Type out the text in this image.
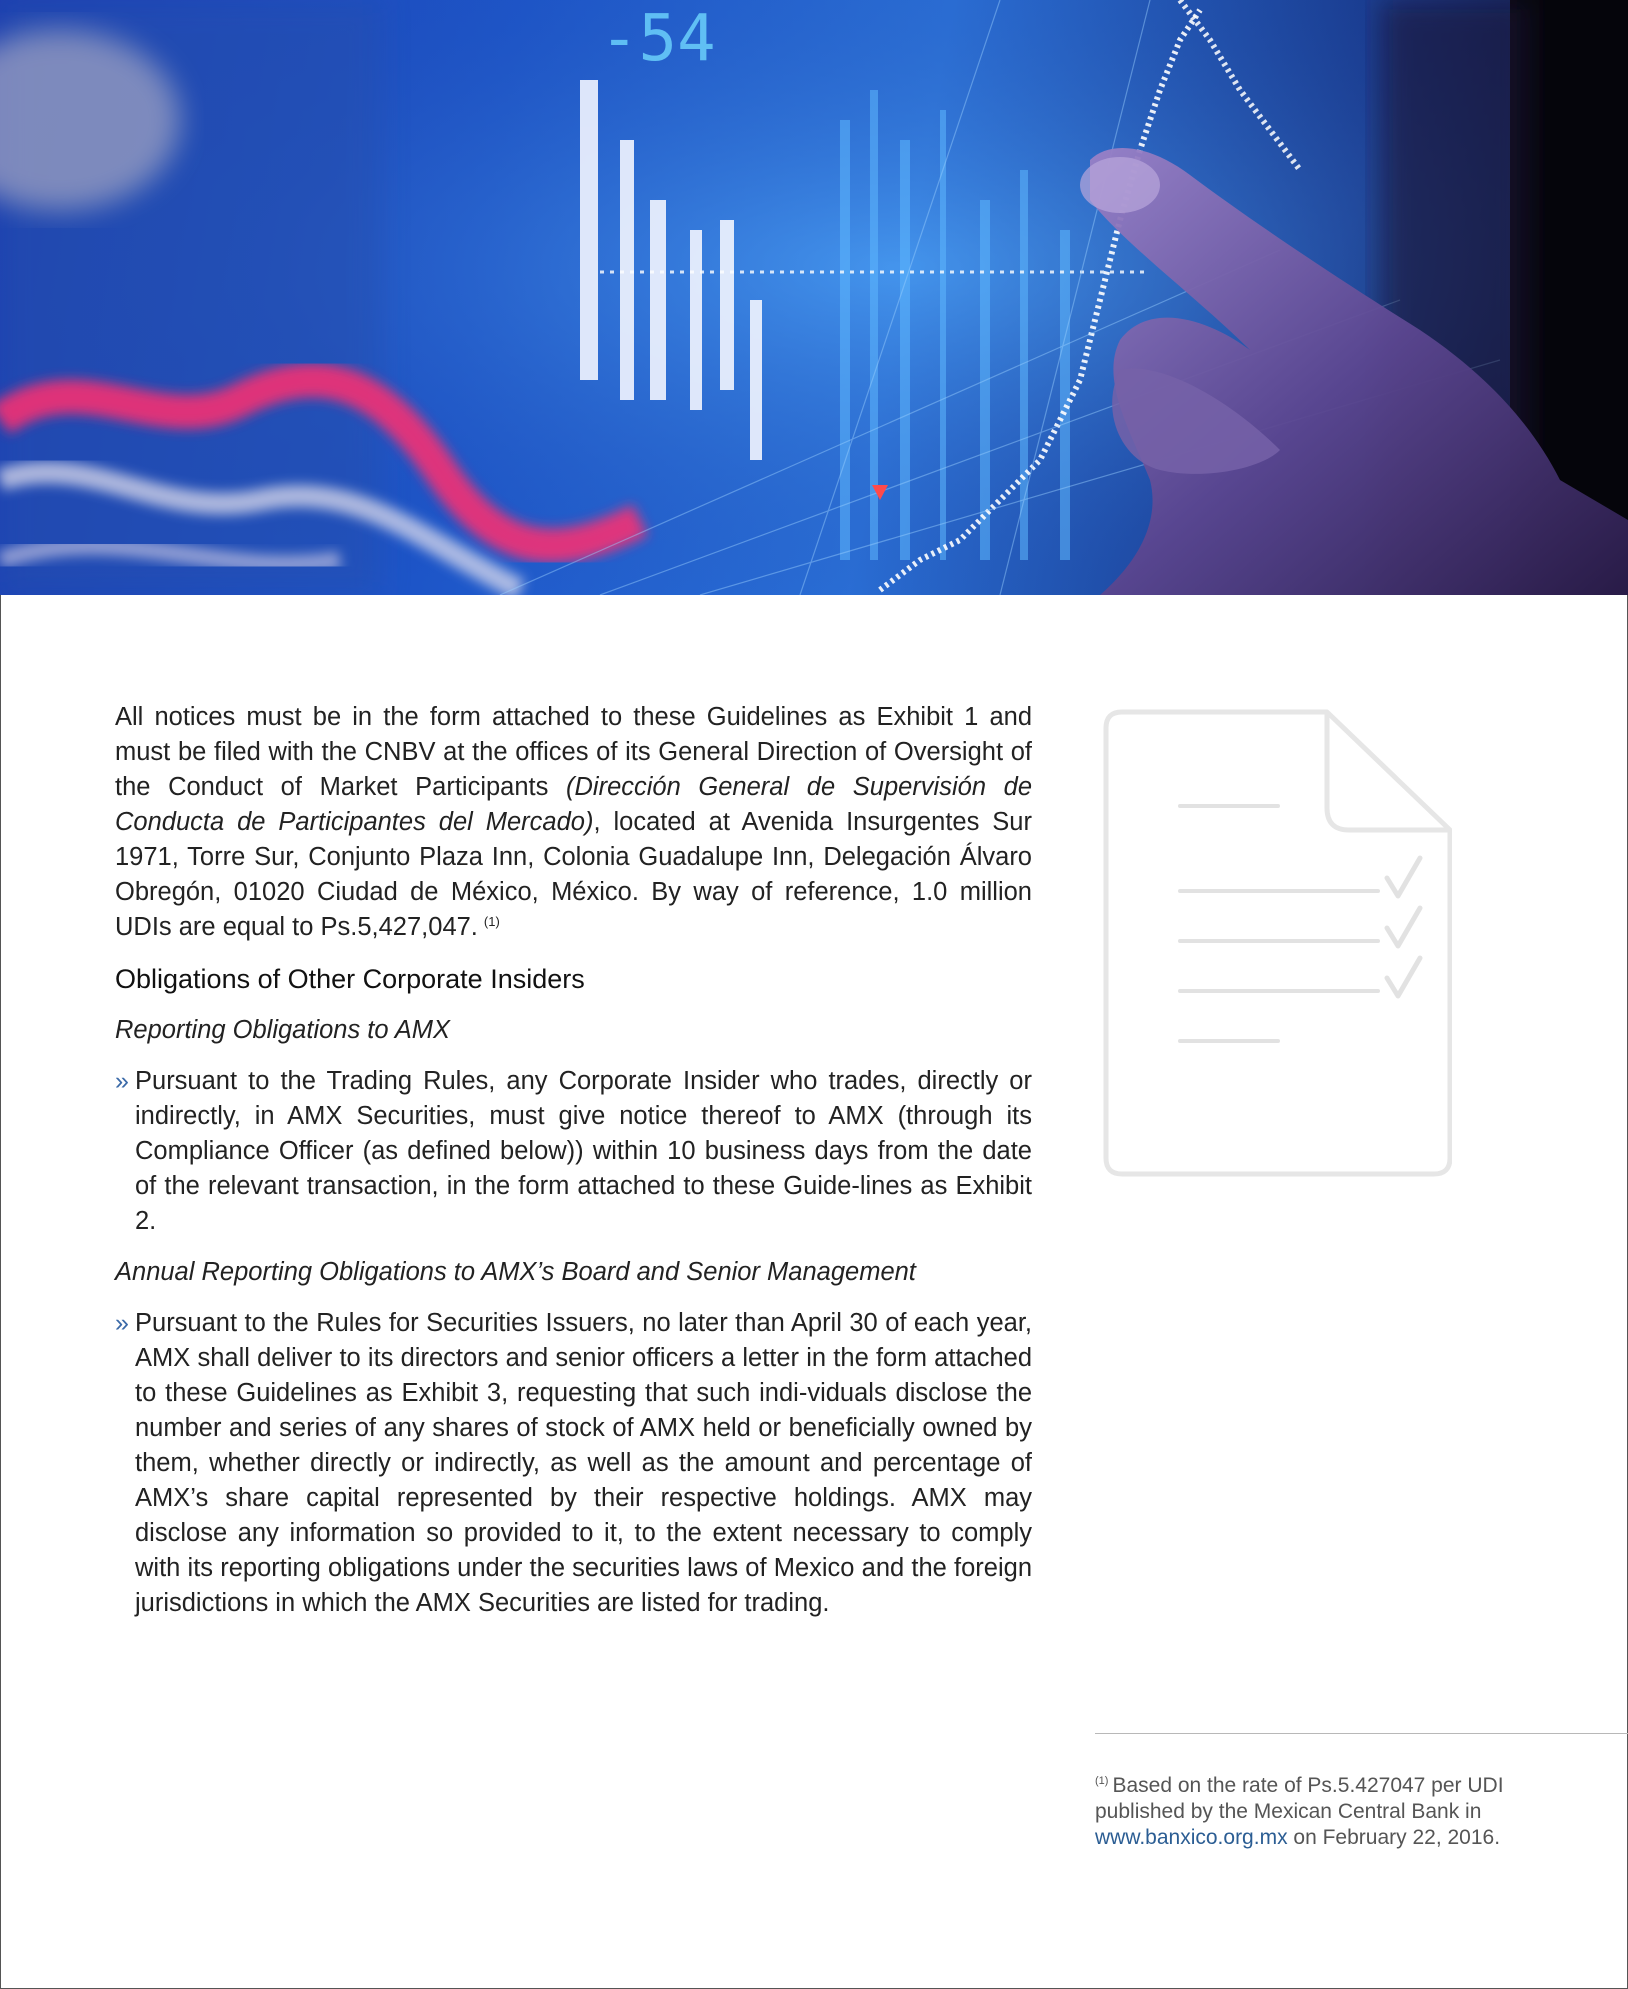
-54

All notices must be in the form attached to these Guidelines as Exhibit 1 and must be filed with the CNBV at the offices of its General Direction of Oversight of the Conduct of Market Participants (Dirección General de Supervisión de Conducta de Participantes del Mercado), located at Avenida Insurgentes Sur 1971, Torre Sur, Conjunto Plaza Inn, Colonia Guadalupe Inn, Delegación Álvaro Obregón, 01020 Ciudad de México, México. By way of reference, 1.0 million UDIs are equal to Ps.5,427,047. $^{(1)}$

Obligations of Other Corporate Insiders
Reporting Obligations to AMX
» Pursuant to the Trading Rules, any Corporate Insider who trades, directly or indirectly, in AMX Securities, must give notice thereof to AMX (through its Compliance Officer (as defined below)) within 10 business days from the date of the relevant transaction, in the form attached to these Guide-lines as Exhibit 2.

Annual Reporting Obligations to AMX’s Board and Senior Management
» Pursuant to the Rules for Securities Issuers, no later than April 30 of each year, AMX shall deliver to its directors and senior officers a letter in the form attached to these Guidelines as Exhibit 3, requesting that such indi-viduals disclose the number and series of any shares of stock of AMX held or beneficially owned by them, whether directly or indirectly, as well as the amount and percentage of AMX’s share capital represented by their respective holdings. AMX may disclose any information so provided to it, to the extent necessary to comply with its reporting obligations under the securities laws of Mexico and the foreign jurisdictions in which the AMX Securities are listed for trading.

$^{(1)}$ Based on the rate of Ps.5.427047 per UDI published by the Mexican Central Bank in www.banxico.org.mx on February 22, 2016.
